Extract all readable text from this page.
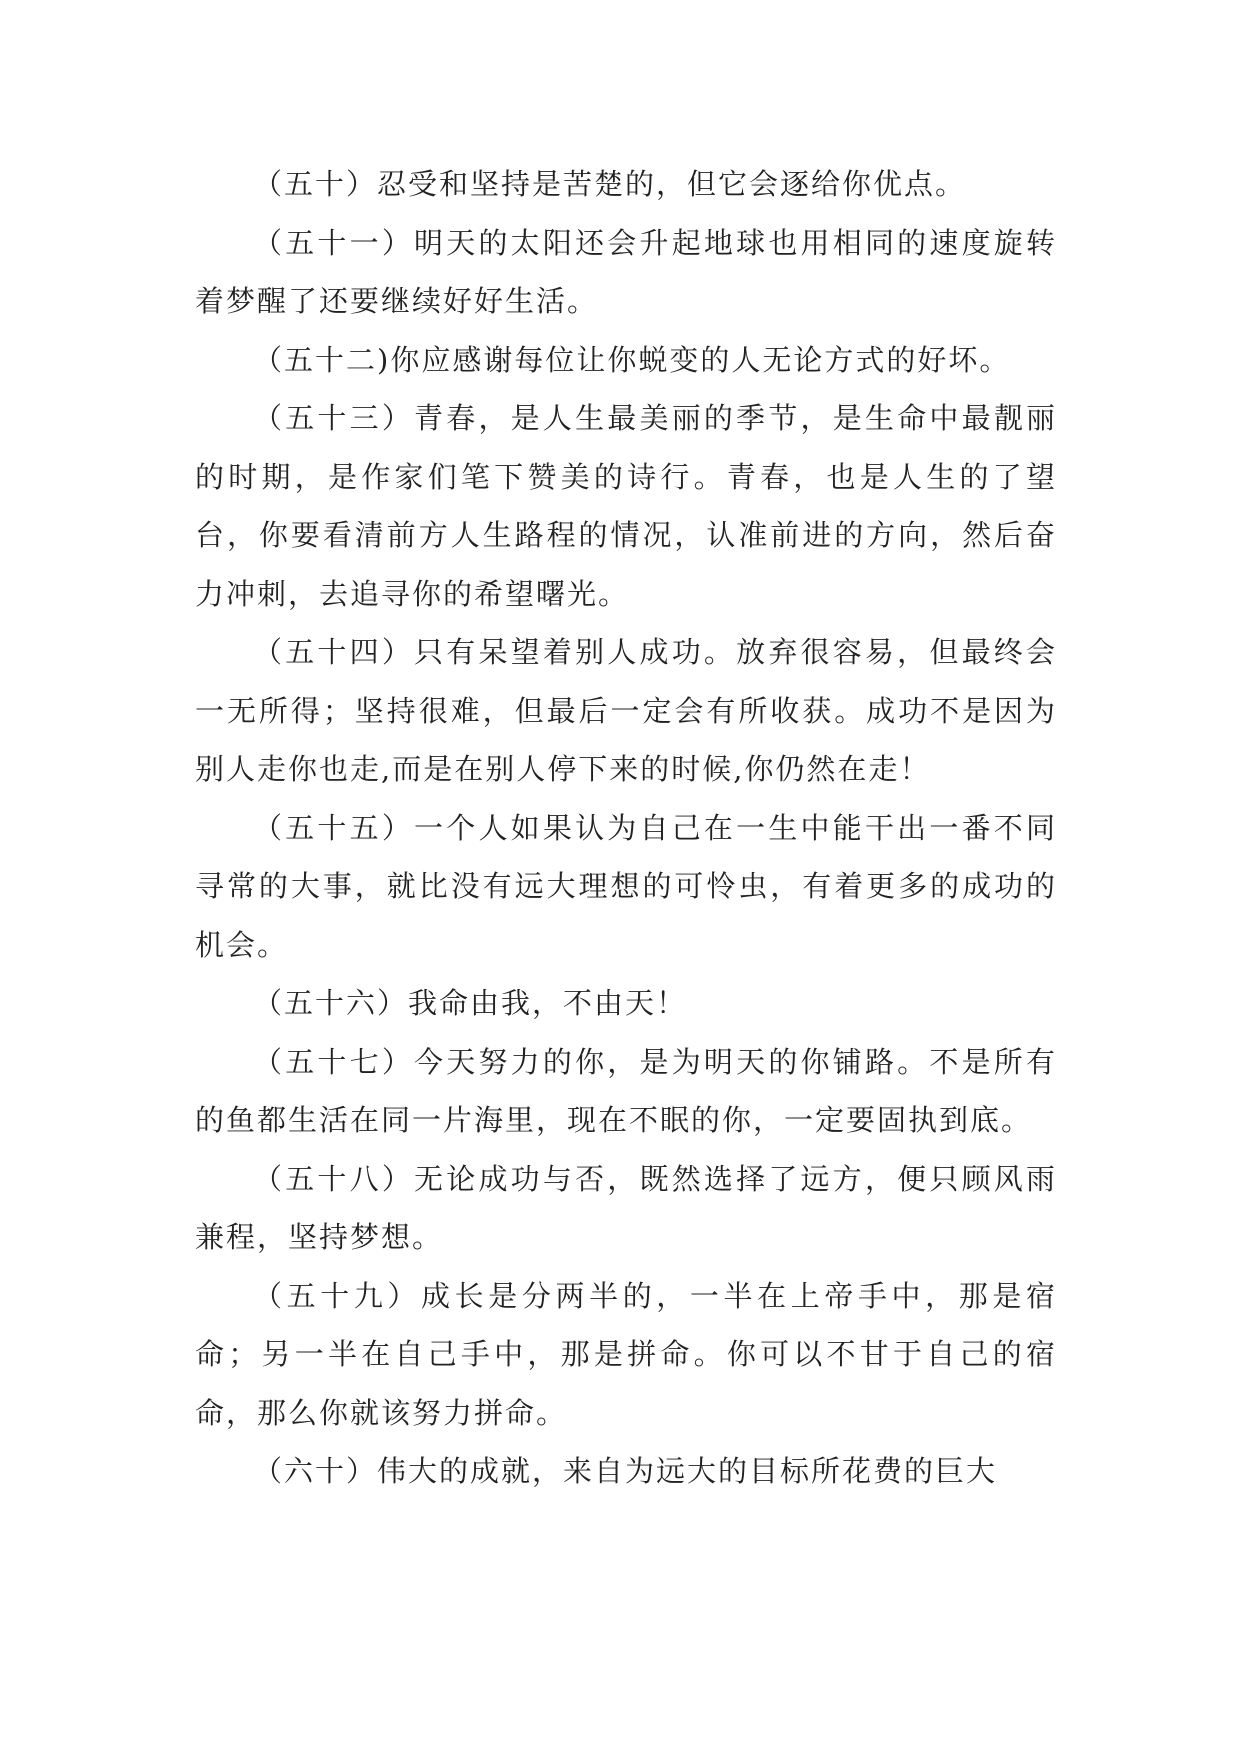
（五十）忍受和坚持是苦楚的，但它会逐给你优点。

（五十一）明天的太阳还会升起地球也用相同的速度旋转着梦醒了还要继续好好生活。

（五十二)你应感谢每位让你蜕变的人无论方式的好坏。

（五十三）青春，是人生最美丽的季节，是生命中最靓丽的时期，是作家们笔下赞美的诗行。青春，也是人生的了望台，你要看清前方人生路程的情况，认准前进的方向，然后奋力冲刺，去追寻你的希望曙光。

（五十四）只有呆望着别人成功。放弃很容易，但最终会一无所得；坚持很难，但最后一定会有所收获。成功不是因为别人走你也走,而是在别人停下来的时候,你仍然在走！

（五十五）一个人如果认为自己在一生中能干出一番不同寻常的大事，就比没有远大理想的可怜虫，有着更多的成功的机会。

（五十六）我命由我，不由天！

（五十七）今天努力的你，是为明天的你铺路。不是所有的鱼都生活在同一片海里，现在不眠的你，一定要固执到底。

（五十八）无论成功与否，既然选择了远方，便只顾风雨兼程，坚持梦想。

（五十九）成长是分两半的，一半在上帝手中，那是宿命；另一半在自己手中，那是拼命。你可以不甘于自己的宿命，那么你就该努力拼命。

（六十）伟大的成就，来自为远大的目标所花费的巨大
